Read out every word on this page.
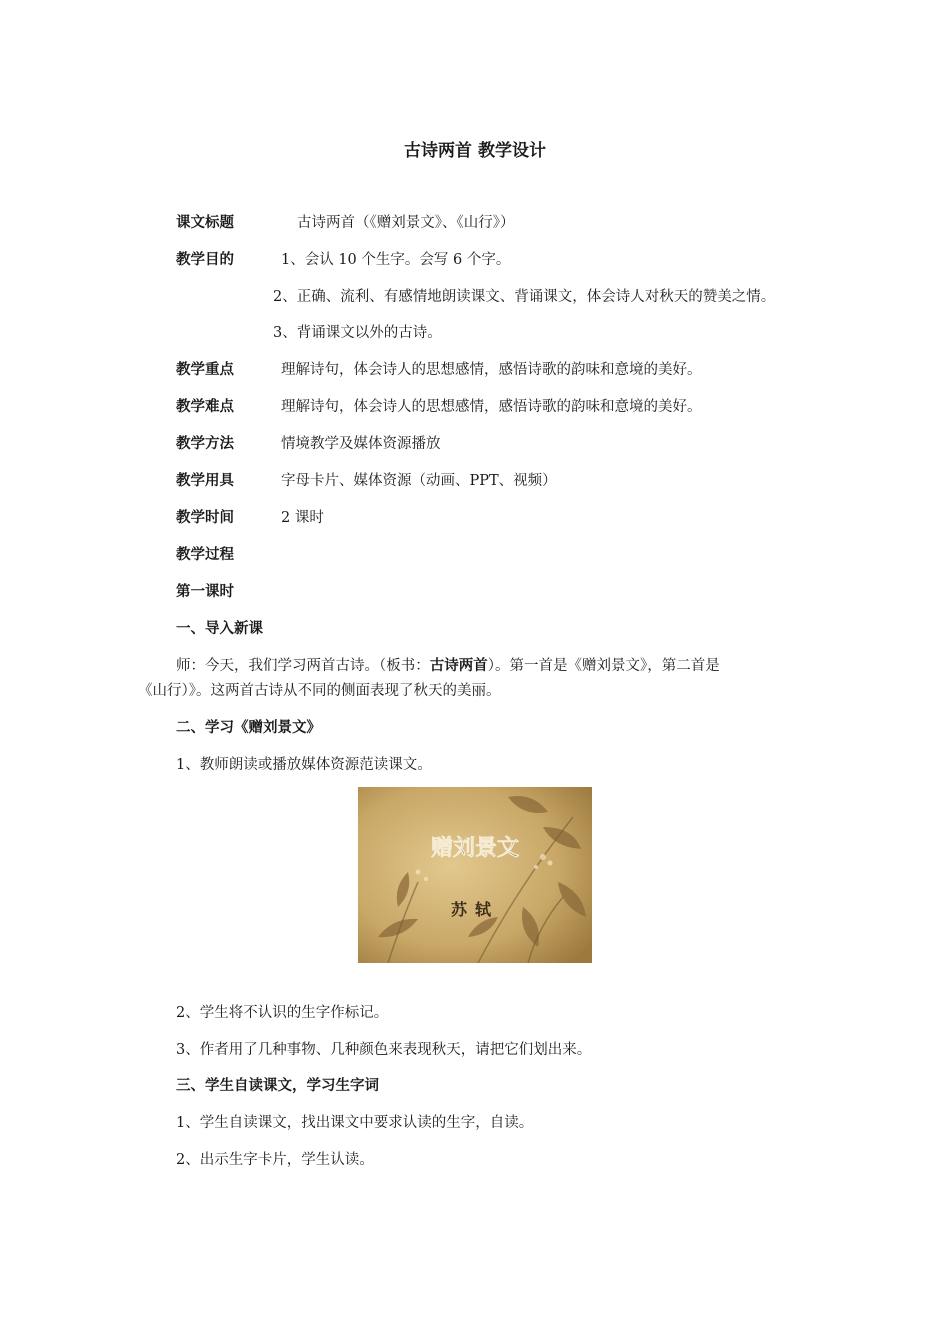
古诗两首 教学设计
课文标题	古诗两首（《赠刘景文》、《山行》）
教学目的	1、会认 10 个生字。会写 6 个字。
2、正确、流利、有感情地朗读课文、背诵课文，体会诗人对秋天的赞美之情。
3、背诵课文以外的古诗。
教学重点	理解诗句，体会诗人的思想感情，感悟诗歌的韵味和意境的美好。
教学难点	理解诗句，体会诗人的思想感情，感悟诗歌的韵味和意境的美好。
教学方法	情境教学及媒体资源播放
教学用具	字母卡片、媒体资源（动画、PPT、视频）
教学时间	2 课时
教学过程
第一课时
一、导入新课
师：今天，我们学习两首古诗。（板书：古诗两首）。第一首是《赠刘景文》，第二首是
《山行）》。这两首古诗从不同的侧面表现了秋天的美丽。
二、学习《赠刘景文》
1、教师朗读或播放媒体资源范读课文。
赠刘景文
苏轼
2、学生将不认识的生字作标记。
3、作者用了几种事物、几种颜色来表现秋天，请把它们划出来。
三、学生自读课文，学习生字词
1、学生自读课文，找出课文中要求认读的生字，自读。
2、出示生字卡片，学生认读。
